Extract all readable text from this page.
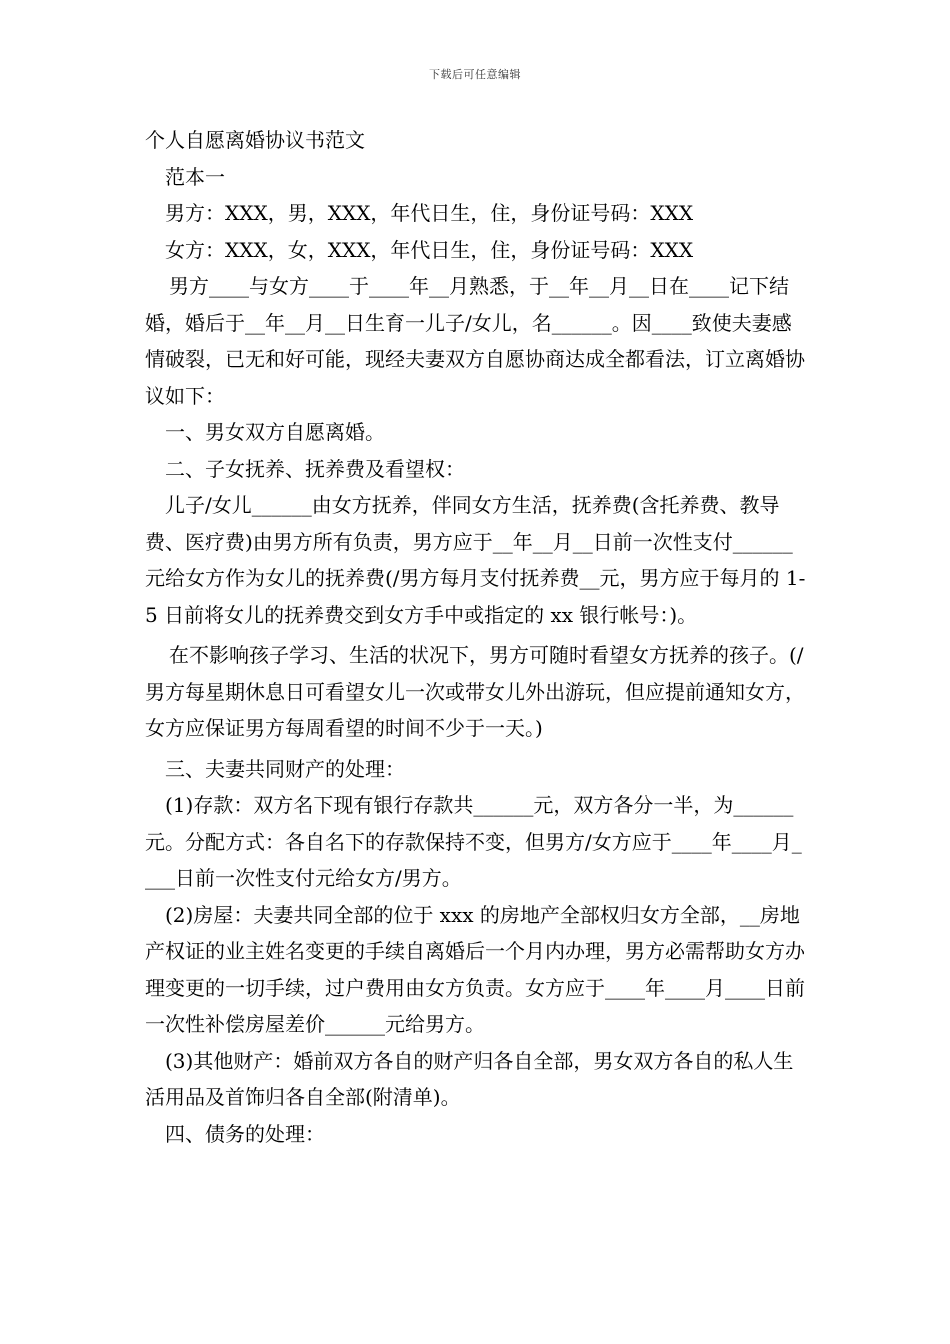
下载后可任意编辑

个人自愿离婚协议书范文

范本一

男方：XXX，男，XXX，年代日生，住，身份证号码：XXX

女方：XXX，女，XXX，年代日生，住，身份证号码：XXX

男方____与女方____于____年__月熟悉，于__年__月__日在____记下结婚，婚后于__年__月__日生育一儿子/女儿，名______。因____致使夫妻感情破裂，已无和好可能，现经夫妻双方自愿协商达成全都看法，订立离婚协议如下：

一、男女双方自愿离婚。

二、子女抚养、抚养费及看望权：

儿子/女儿______由女方抚养，伴同女方生活，抚养费(含托养费、教导费、医疗费)由男方所有负责，男方应于__年__月__日前一次性支付______元给女方作为女儿的抚养费(/男方每月支付抚养费__元，男方应于每月的 1-5 日前将女儿的抚养费交到女方手中或指定的 xx 银行帐号：)。

在不影响孩子学习、生活的状况下，男方可随时看望女方抚养的孩子。(/男方每星期休息日可看望女儿一次或带女儿外出游玩，但应提前通知女方，女方应保证男方每周看望的时间不少于一天。)

三、夫妻共同财产的处理：

(1)存款：双方名下现有银行存款共______元，双方各分一半，为______元。分配方式：各自名下的存款保持不变，但男方/女方应于____年____月____日前一次性支付元给女方/男方。

(2)房屋：夫妻共同全部的位于 xxx 的房地产全部权归女方全部，__房地产权证的业主姓名变更的手续自离婚后一个月内办理，男方必需帮助女方办理变更的一切手续，过户费用由女方负责。女方应于____年____月____日前一次性补偿房屋差价______元给男方。

(3)其他财产：婚前双方各自的财产归各自全部，男女双方各自的私人生活用品及首饰归各自全部(附清单)。

四、债务的处理：
